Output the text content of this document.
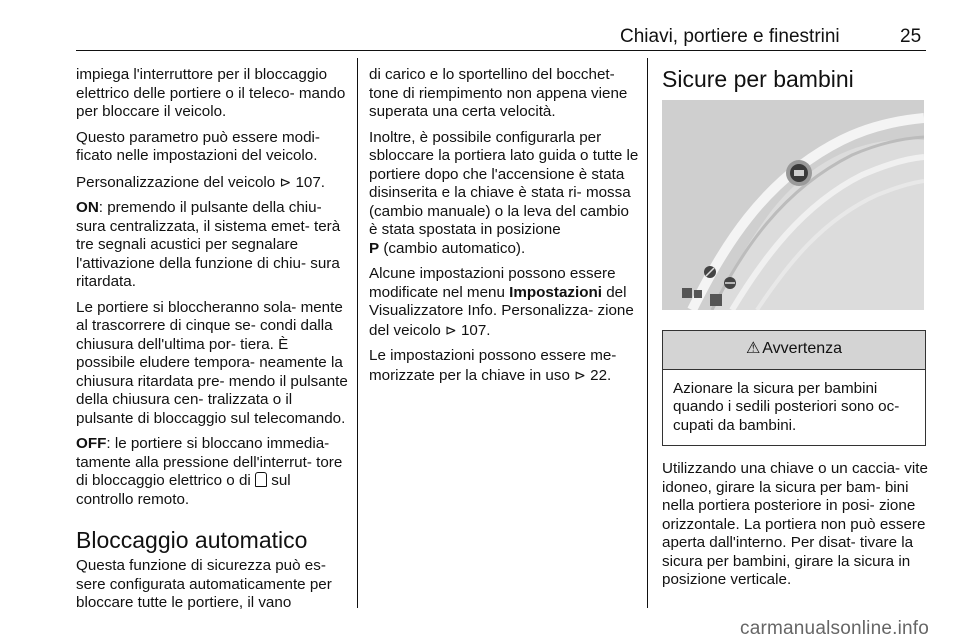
Chiavi, portiere e finestrini	25

impiega l'interruttore per il bloccaggio elettrico delle portiere o il teleco- mando per bloccare il veicolo.

Questo parametro può essere modi- ficato nelle impostazioni del veicolo.

Personalizzazione del veicolo ⊳ 107.

ON: premendo il pulsante della chiu- sura centralizzata, il sistema emet- terà tre segnali acustici per segnalare l'attivazione della funzione di chiu- sura ritardata.

Le portiere si bloccheranno sola- mente al trascorrere di cinque se- condi dalla chiusura dell'ultima por- tiera. È possibile eludere tempora- neamente la chiusura ritardata pre- mendo il pulsante della chiusura cen- tralizzata o il pulsante di bloccaggio sul telecomando.

OFF: le portiere si bloccano immedia- tamente alla pressione dell'interrut- tore di bloccaggio elettrico o di sul controllo remoto.

Bloccaggio automatico

Questa funzione di sicurezza può es- sere configurata automaticamente per bloccare tutte le portiere, il vano

di carico e lo sportellino del bocchet- tone di riempimento non appena viene superata una certa velocità.

Inoltre, è possibile configurarla per sbloccare la portiera lato guida o tutte le portiere dopo che l'accensione è stata disinserita e la chiave è stata ri- mossa (cambio manuale) o la leva del cambio è stata spostata in posizione
P (cambio automatico).

Alcune impostazioni possono essere modificate nel menu Impostazioni del Visualizzatore Info. Personalizza- zione del veicolo ⊳ 107.

Le impostazioni possono essere me- morizzate per la chiave in uso ⊳ 22.

Sicure per bambini
⚠ Avvertenza
Azionare la sicura per bambini quando i sedili posteriori sono oc- cupati da bambini.

Utilizzando una chiave o un caccia- vite idoneo, girare la sicura per bam- bini nella portiera posteriore in posi- zione orizzontale. La portiera non può essere aperta dall'interno. Per disat- tivare la sicura per bambini, girare la sicura in posizione verticale.

carmanualsonline.info
